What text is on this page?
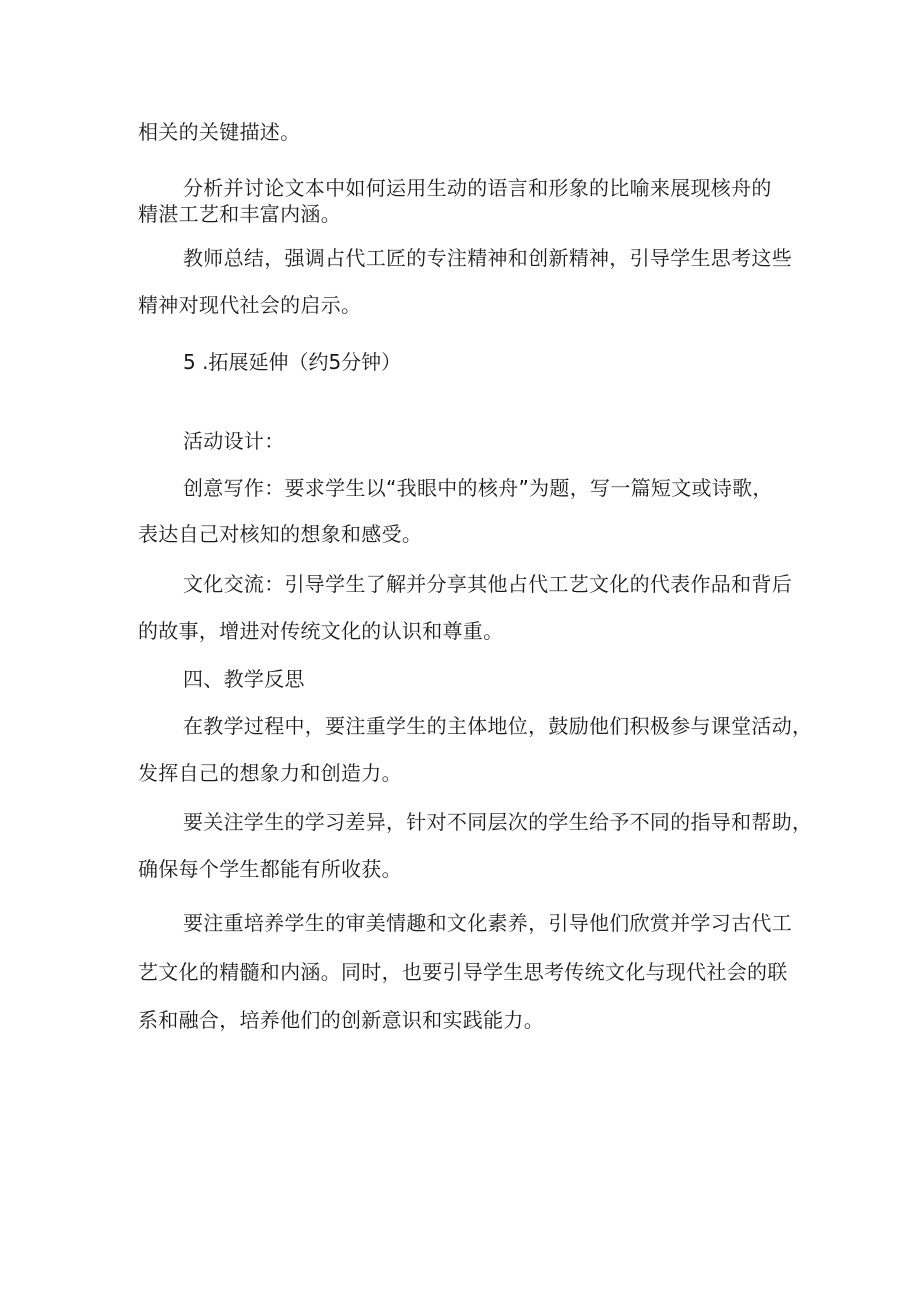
相关的关键描述。
分析并讨论文本中如何运用生动的语言和形象的比喻来展现核舟的
精湛工艺和丰富内涵。
教师总结，强调占代工匠的专注精神和创新精神，引导学生思考这些
精神对现代社会的启示。
5 .拓展延伸（约5分钟）
活动设计：
创意写作：要求学生以“我眼中的核舟”为题，写一篇短文或诗歌，
表达自己对核知的想象和感受。
文化交流：引导学生了解并分享其他占代工艺文化的代表作品和背后
的故事，增进对传统文化的认识和尊重。
四、教学反思
在教学过程中，要注重学生的主体地位，鼓励他们积极参与课堂活动，
发挥自己的想象力和创造力。
要关注学生的学习差异，针对不同层次的学生给予不同的指导和帮助，
确保每个学生都能有所收获。
要注重培养学生的审美情趣和文化素养，引导他们欣赏并学习古代工
艺文化的精髓和内涵。同时，也要引导学生思考传统文化与现代社会的联
系和融合，培养他们的创新意识和实践能力。
